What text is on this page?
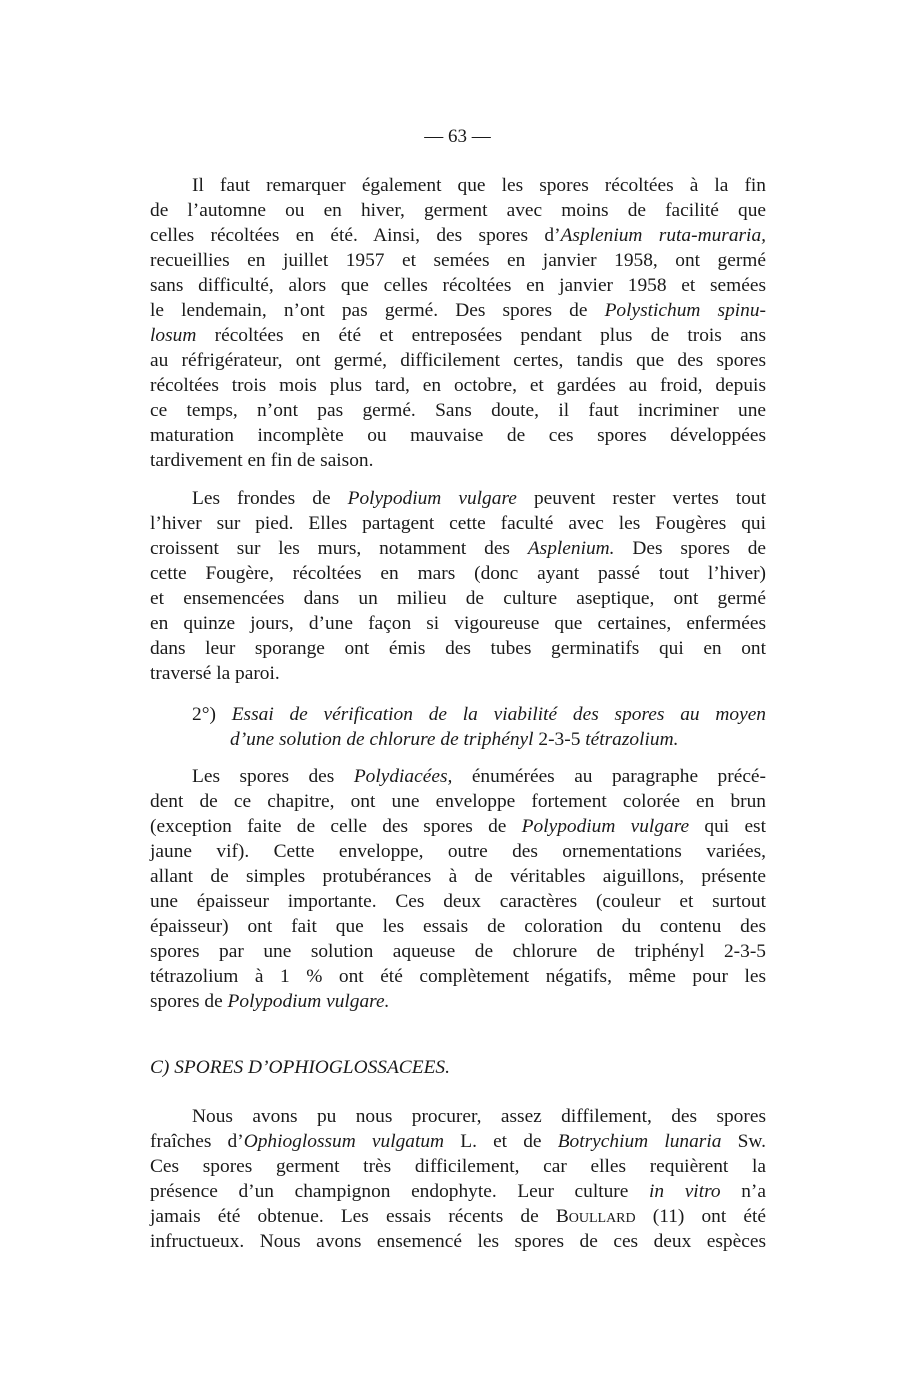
— 63 —
Il faut remarquer également que les spores récoltées à la fin
de l’automne ou en hiver, germent avec moins de facilité que
celles récoltées en été. Ainsi, des spores d’Asplenium ruta-muraria,
recueillies en juillet 1957 et semées en janvier 1958, ont germé
sans difficulté, alors que celles récoltées en janvier 1958 et semées
le lendemain, n’ont pas germé. Des spores de Polystichum spinu-
losum récoltées en été et entreposées pendant plus de trois ans
au réfrigérateur, ont germé, difficilement certes, tandis que des spores
récoltées trois mois plus tard, en octobre, et gardées au froid, depuis
ce temps, n’ont pas germé. Sans doute, il faut incriminer une
maturation incomplète ou mauvaise de ces spores développées
tardivement en fin de saison.
Les frondes de Polypodium vulgare peuvent rester vertes tout
l’hiver sur pied. Elles partagent cette faculté avec les Fougères qui
croissent sur les murs, notamment des Asplenium. Des spores de
cette Fougère, récoltées en mars (donc ayant passé tout l’hiver)
et ensemencées dans un milieu de culture aseptique, ont germé
en quinze jours, d’une façon si vigoureuse que certaines, enfermées
dans leur sporange ont émis des tubes germinatifs qui en ont
traversé la paroi.
2°) Essai de vérification de la viabilité des spores au moyen
d’une solution de chlorure de triphényl 2-3-5 tétrazolium.
Les spores des Polydiacées, énumérées au paragraphe précé-
dent de ce chapitre, ont une enveloppe fortement colorée en brun
(exception faite de celle des spores de Polypodium vulgare qui est
jaune vif). Cette enveloppe, outre des ornementations variées,
allant de simples protubérances à de véritables aiguillons, présente
une épaisseur importante. Ces deux caractères (couleur et surtout
épaisseur) ont fait que les essais de coloration du contenu des
spores par une solution aqueuse de chlorure de triphényl 2-3-5
tétrazolium à 1 % ont été complètement négatifs, même pour les
spores de Polypodium vulgare.
C) SPORES D’OPHIOGLOSSACEES.
Nous avons pu nous procurer, assez diffilement, des spores
fraîches d’Ophioglossum vulgatum L. et de Botrychium lunaria Sw.
Ces spores germent très difficilement, car elles requièrent la
présence d’un champignon endophyte. Leur culture in vitro n’a
jamais été obtenue. Les essais récents de Boullard (11) ont été
infructueux. Nous avons ensemencé les spores de ces deux espèces
